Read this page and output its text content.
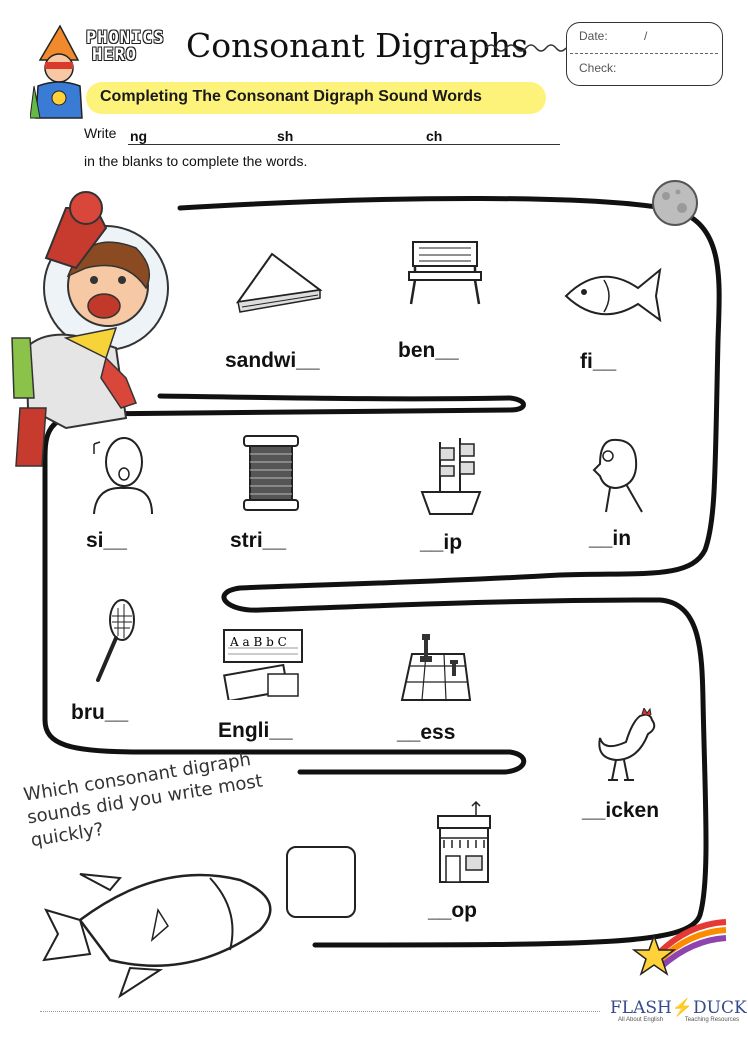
PHONICS
HERO	Consonant Digraphs
Completing The Consonant Digraph Sound Words
Date:	/
Check:
Write ng	sh	ch
in the blanks to complete the words.
A a B b C
sandwi__	ben__	fi__
si__	stri__	__ip	__in
bru__
Engli__	__ess
__icken
__op
Which consonant digraph
sounds did you write most
quickly?
FLASH⚡DUCK
All About English	Teaching Resources
